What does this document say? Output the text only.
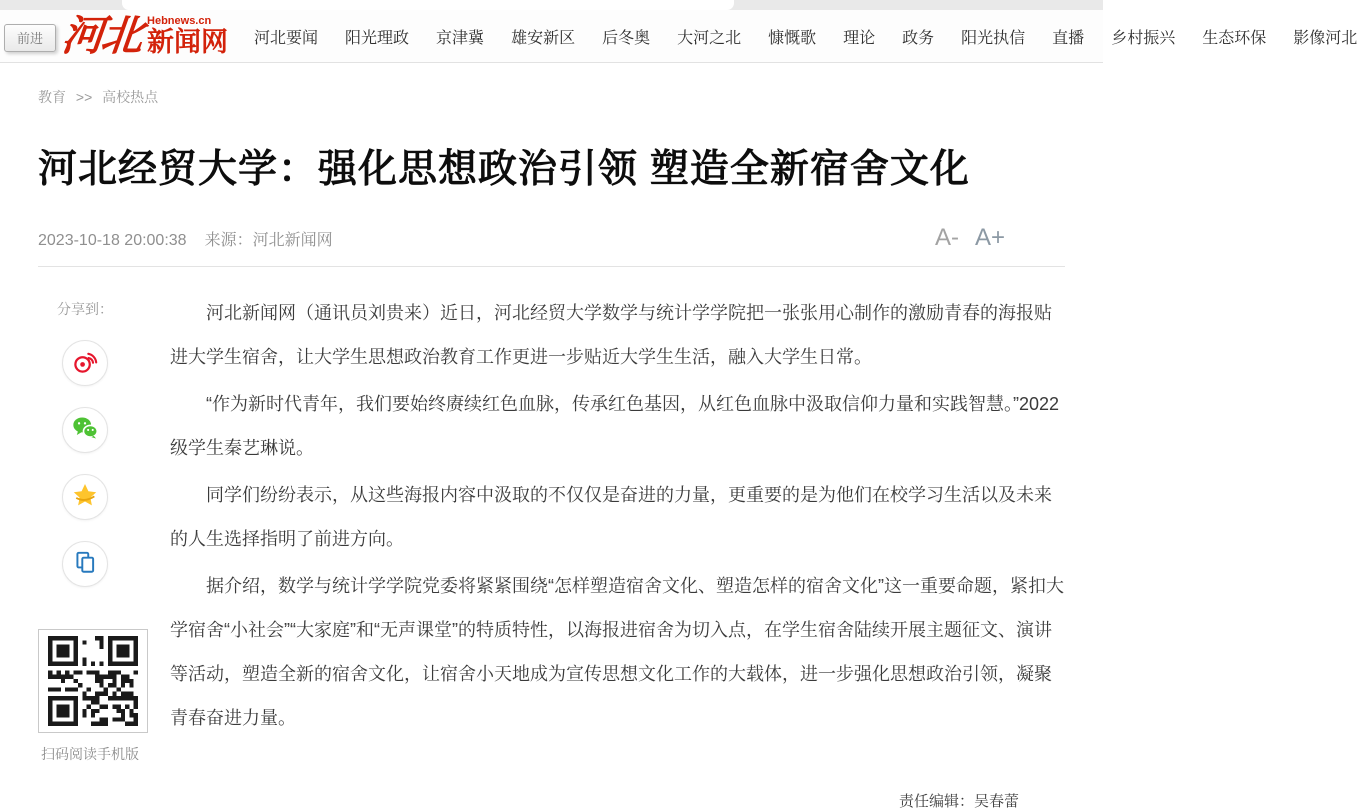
前进 河北 Hebnews.cn
新闻网 河北要闻 阳光理政 京津冀 雄安新区 后冬奥 大河之北 慷慨歌 理论 政务 阳光执信 直播 乡村振兴 生态环保 影像河北
教育 >> 高校热点
河北经贸大学：强化思想政治引领 塑造全新宿舍文化
2023-10-18 20:00:38 来源：河北新闻网	A- A+
分享到：
扫码阅读手机版

河北新闻网（通讯员刘贵来）近日，河北经贸大学数学与统计学学院把一张张用心制作的激励青春的海报贴进大学生宿舍，让大学生思想政治教育工作更进一步贴近大学生生活，融入大学生日常。

“作为新时代青年，我们要始终赓续红色血脉，传承红色基因，从红色血脉中汲取信仰力量和实践智慧。”2022级学生秦艺琳说。

同学们纷纷表示，从这些海报内容中汲取的不仅仅是奋进的力量，更重要的是为他们在校学习生活以及未来的人生选择指明了前进方向。

据介绍，数学与统计学学院党委将紧紧围绕“怎样塑造宿舍文化、塑造怎样的宿舍文化”这一重要命题，紧扣大学宿舍“小社会”“大家庭”和“无声课堂”的特质特性，以海报进宿舍为切入点，在学生宿舍陆续开展主题征文、演讲等活动，塑造全新的宿舍文化，让宿舍小天地成为宣传思想文化工作的大载体，进一步强化思想政治引领，凝聚青春奋进力量。

责任编辑：吴春蕾
